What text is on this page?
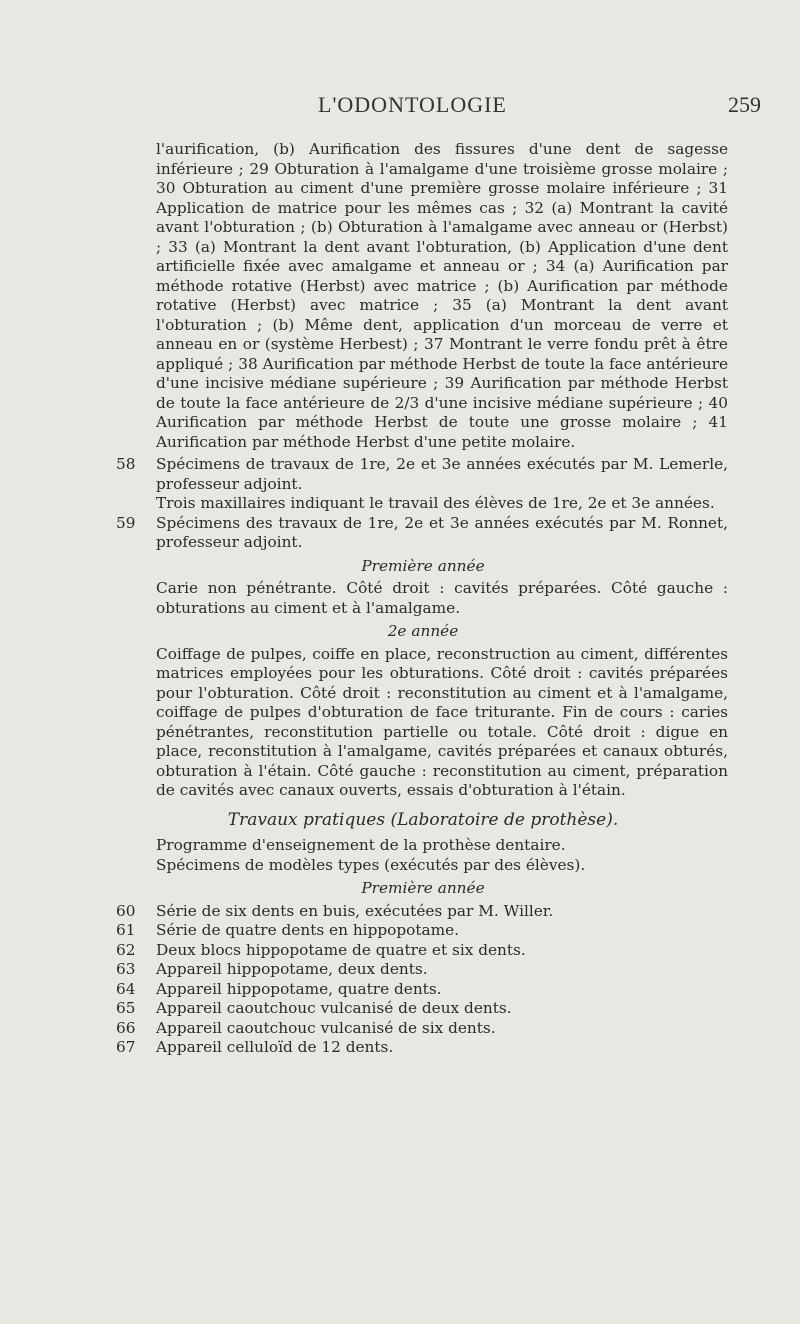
L'ODONTOLOGIE	259

l'aurification, (b) Aurification des fissures d'une dent de sagesse inférieure ; 29 Obturation à l'amalgame d'une troisième grosse molaire ; 30 Obturation au ciment d'une première grosse molaire inférieure ; 31 Application de matrice pour les mêmes cas ; 32 (a) Montrant la cavité avant l'obturation ; (b) Obturation à l'amalgame avec anneau or (Herbst) ; 33 (a) Montrant la dent avant l'obturation, (b) Application d'une dent artificielle fixée avec amalgame et anneau or ; 34 (a) Aurification par méthode rotative (Herbst) avec matrice ; (b) Aurification par méthode rotative (Herbst) avec matrice ; 35 (a) Montrant la dent avant l'obturation ; (b) Même dent, application d'un morceau de verre et anneau en or (système Herbest) ; 37 Montrant le verre fondu prêt à être appliqué ; 38 Aurification par méthode Herbst de toute la face antérieure d'une incisive médiane supérieure ; 39 Aurification par méthode Herbst de toute la face antérieure de 2/3 d'une incisive médiane supérieure ; 40 Aurification par méthode Herbst de toute une grosse molaire ; 41 Aurification par méthode Herbst d'une petite molaire.

58	Spécimens de travaux de 1re, 2e et 3e années exécutés par M. Lemerle, professeur adjoint.

Trois maxillaires indiquant le travail des élèves de 1re, 2e et 3e années.

59	Spécimens des travaux de 1re, 2e et 3e années exécutés par M. Ronnet, professeur adjoint.

Première année

Carie non pénétrante. Côté droit : cavités préparées. Côté gauche : obturations au ciment et à l'amalgame.

2e année

Coiffage de pulpes, coiffe en place, reconstruction au ciment, différentes matrices employées pour les obturations. Côté droit : cavités préparées pour l'obturation. Côté droit : reconstitution au ciment et à l'amalgame, coiffage de pulpes d'obturation de face triturante. Fin de cours : caries pénétrantes, reconstitution partielle ou totale. Côté droit : digue en place, reconstitution à l'amalgame, cavités préparées et canaux obturés, obturation à l'étain. Côté gauche : reconstitution au ciment, préparation de cavités avec canaux ouverts, essais d'obturation à l'étain.

Travaux pratiques (Laboratoire de prothèse).

Programme d'enseignement de la prothèse dentaire.

Spécimens de modèles types (exécutés par des élèves).

Première année
60	Série de six dents en buis, exécutées par M. Willer.

61	Série de quatre dents en hippopotame.

62	Deux blocs hippopotame de quatre et six dents.

63	Appareil hippopotame, deux dents.

64	Appareil hippopotame, quatre dents.

65	Appareil caoutchouc vulcanisé de deux dents.

66	Appareil caoutchouc vulcanisé de six dents.

67	Appareil celluloïd de 12 dents.
